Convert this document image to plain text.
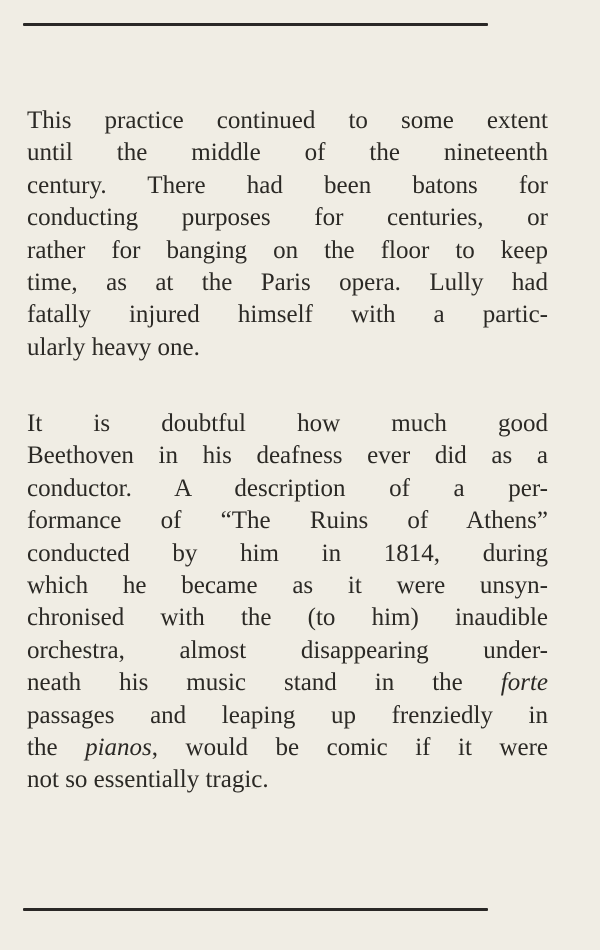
This practice continued to some extent
until the middle of the nineteenth
century. There had been batons for
conducting purposes for centuries, or
rather for banging on the floor to keep
time, as at the Paris opera. Lully had
fatally injured himself with a partic-
ularly heavy one.

It is doubtful how much good
Beethoven in his deafness ever did as a
conductor. A description of a per-
formance of “The Ruins of Athens”
conducted by him in 1814, during
which he became as it were unsyn-
chronised with the (to him) inaudible
orchestra, almost disappearing under-
neath his music stand in the forte
passages and leaping up frenziedly in
the pianos, would be comic if it were
not so essentially tragic.
